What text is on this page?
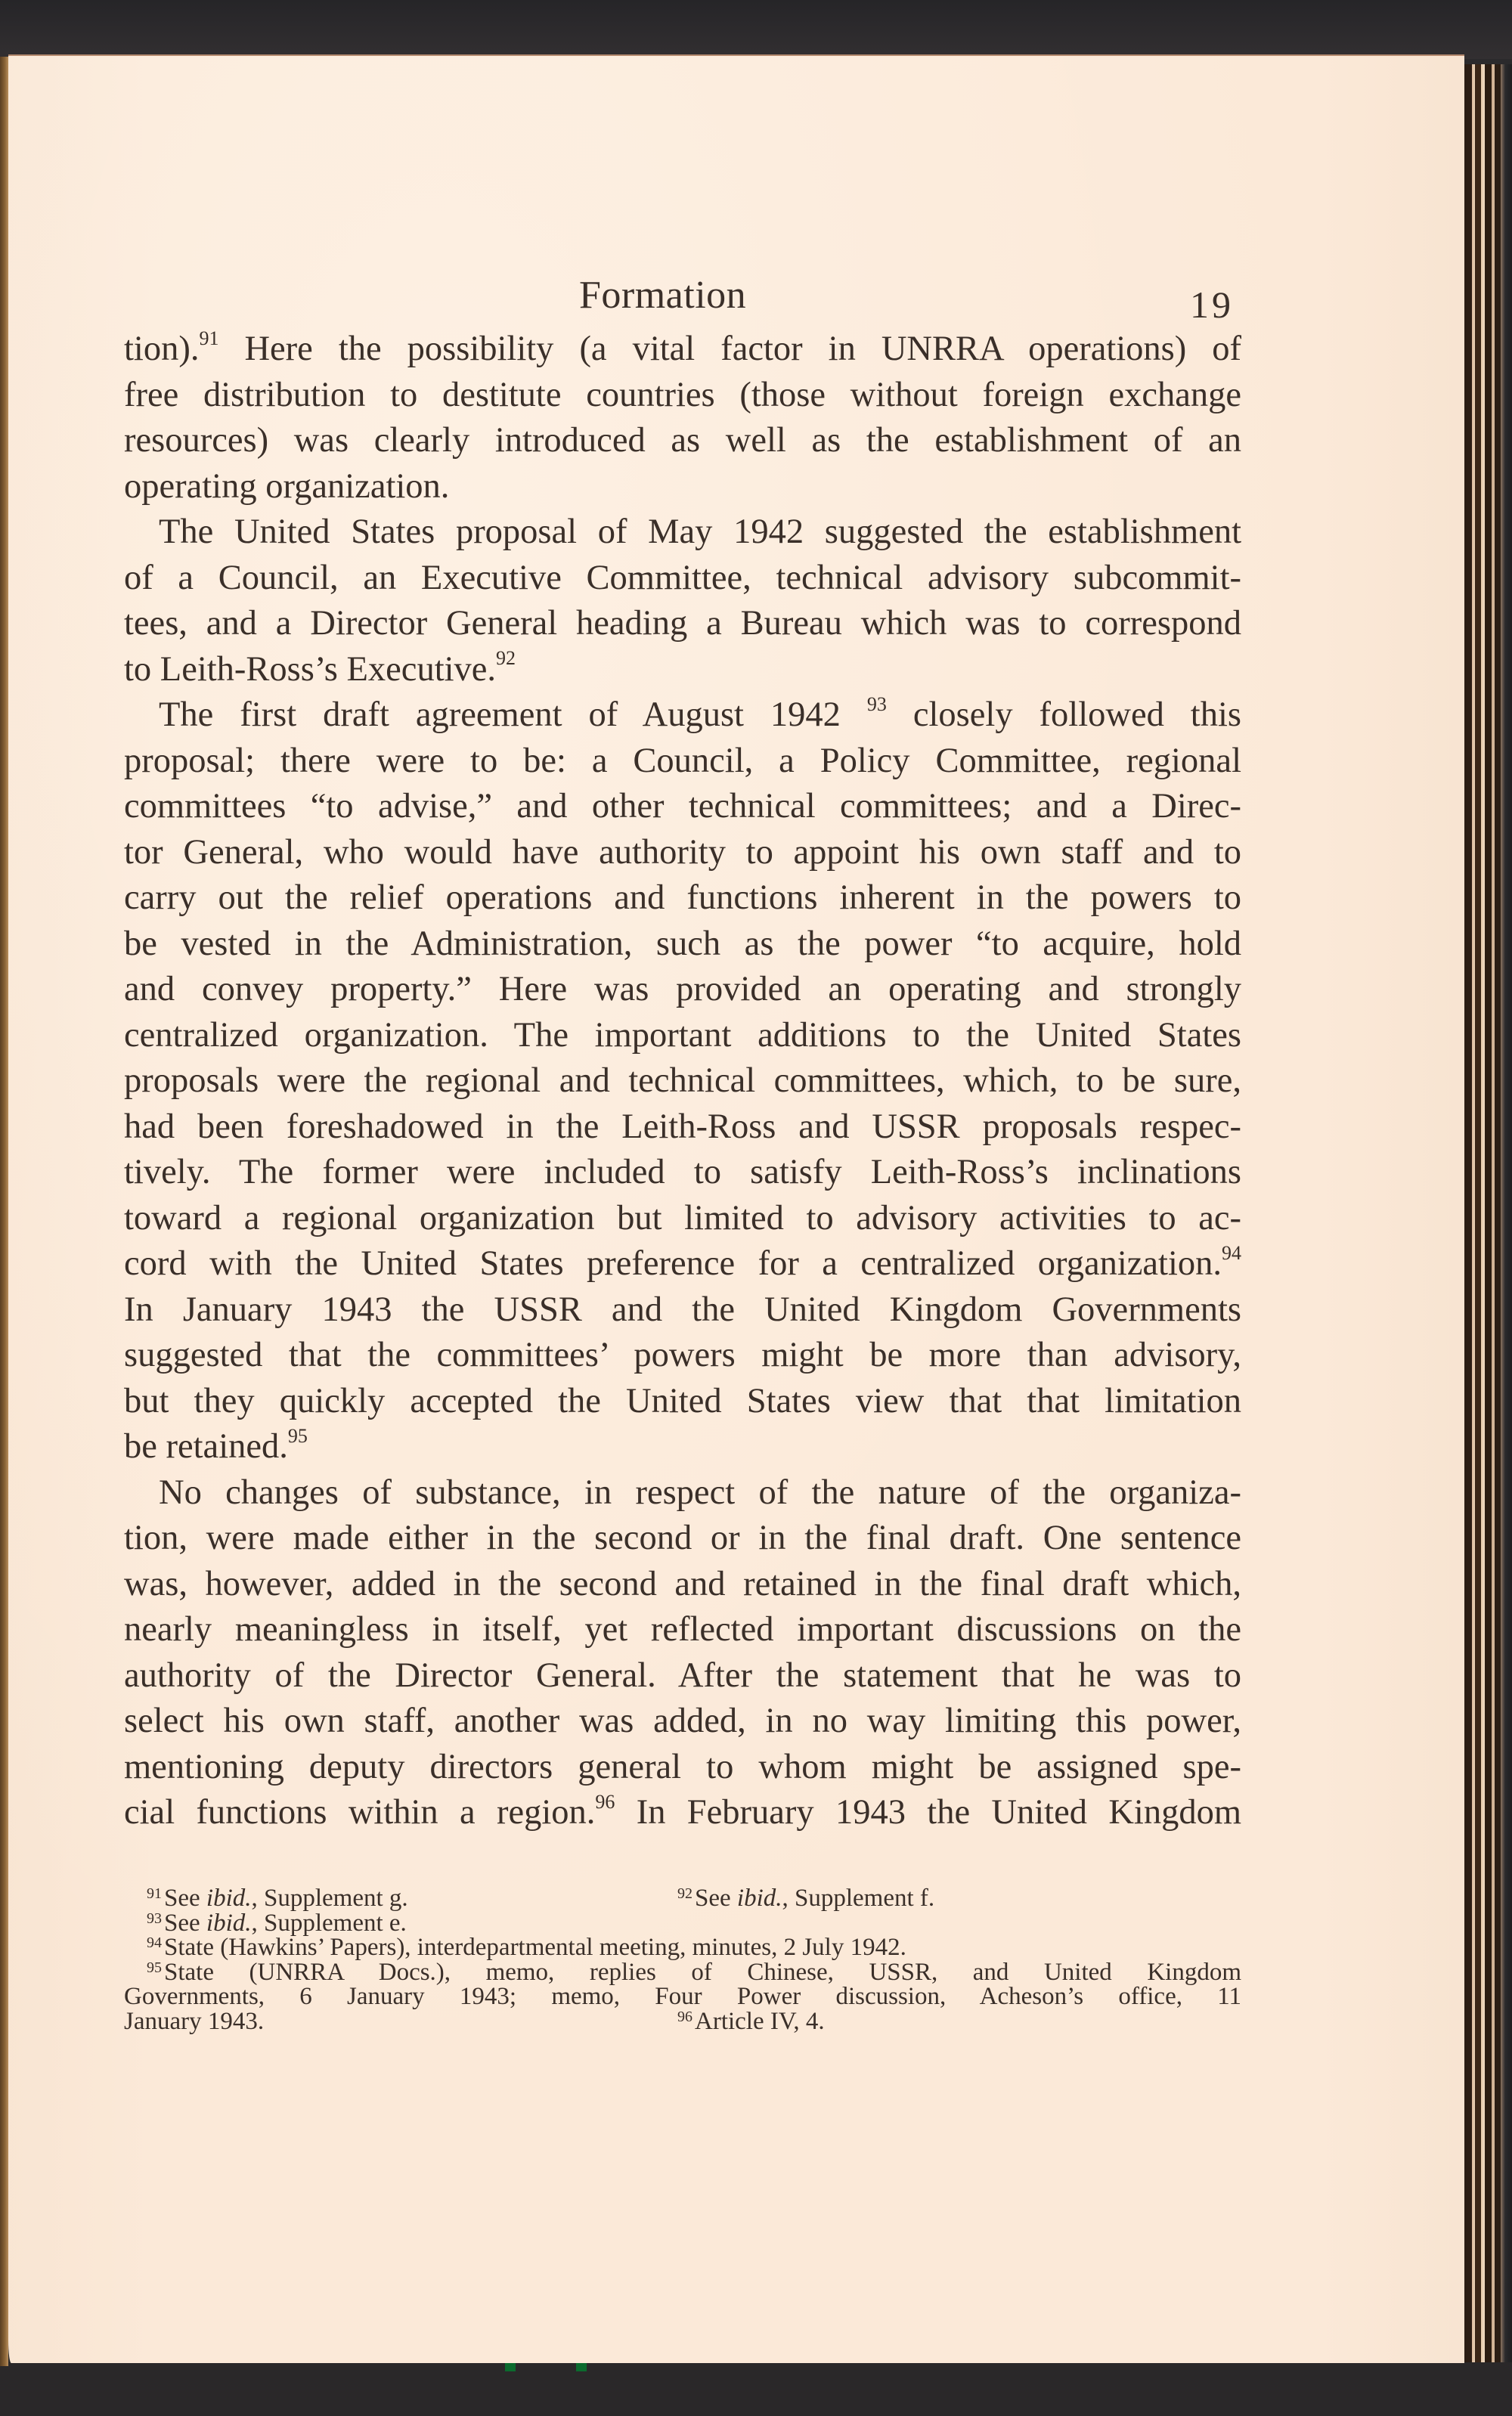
Formation	19
tion).$^{91}$ Here the possibility (a vital factor in UNRRA operations) of
free distribution to destitute countries (those without foreign exchange
resources) was clearly introduced as well as the establishment of an
operating organization.
The United States proposal of May 1942 suggested the establishment
of a Council, an Executive Committee, technical advisory subcommit-
tees, and a Director General heading a Bureau which was to correspond
to Leith-Ross’s Executive.$^{92}$
The first draft agreement of August 1942 $^{93}$ closely followed this
proposal; there were to be: a Council, a Policy Committee, regional
committees “to advise,” and other technical committees; and a Direc-
tor General, who would have authority to appoint his own staff and to
carry out the relief operations and functions inherent in the powers to
be vested in the Administration, such as the power “to acquire, hold
and convey property.” Here was provided an operating and strongly
centralized organization. The important additions to the United States
proposals were the regional and technical committees, which, to be sure,
had been foreshadowed in the Leith-Ross and USSR proposals respec-
tively. The former were included to satisfy Leith-Ross’s inclinations
toward a regional organization but limited to advisory activities to ac-
cord with the United States preference for a centralized organization.$^{94}$
In January 1943 the USSR and the United Kingdom Governments
suggested that the committees’ powers might be more than advisory,
but they quickly accepted the United States view that that limitation
be retained.$^{95}$
No changes of substance, in respect of the nature of the organiza-
tion, were made either in the second or in the final draft. One sentence
was, however, added in the second and retained in the final draft which,
nearly meaningless in itself, yet reflected important discussions on the
authority of the Director General. After the statement that he was to
select his own staff, another was added, in no way limiting this power,
mentioning deputy directors general to whom might be assigned spe-
cial functions within a region.$^{96}$ In February 1943 the United Kingdom
$^{91}$See ibid., Supplement g.	$^{92}$See ibid., Supplement f.
$^{93}$See ibid., Supplement e.
$^{94}$State (Hawkins’ Papers), interdepartmental meeting, minutes, 2 July 1942.
$^{95}$State (UNRRA Docs.), memo, replies of Chinese, USSR, and United Kingdom
Governments, 6 January 1943; memo, Four Power discussion, Acheson’s office, 11
January 1943.	$^{96}$Article IV, 4.
